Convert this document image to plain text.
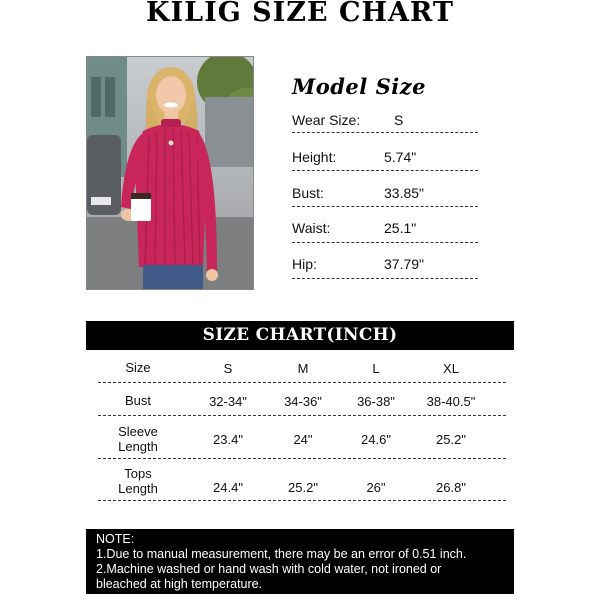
KILIG SIZE CHART
Model Size
Wear Size: S
Height:	5.74"
Bust:	33.85"
Waist:	25.1"
Hip:	37.79"
SIZE CHART(INCH)
Size	S	M	L	XL
Bust	32-34"	34-36"	36-38"	38-40.5"
Sleeve
Length	23.4"	24"	24.6"	25.2"
Tops
Length	24.4"	25.2"	26"	26.8"
NOTE:
1.Due to manual measurement, there may be an error of 0.51 inch.
2.Machine washed or hand wash with cold water, not ironed or
bleached at high temperature.
